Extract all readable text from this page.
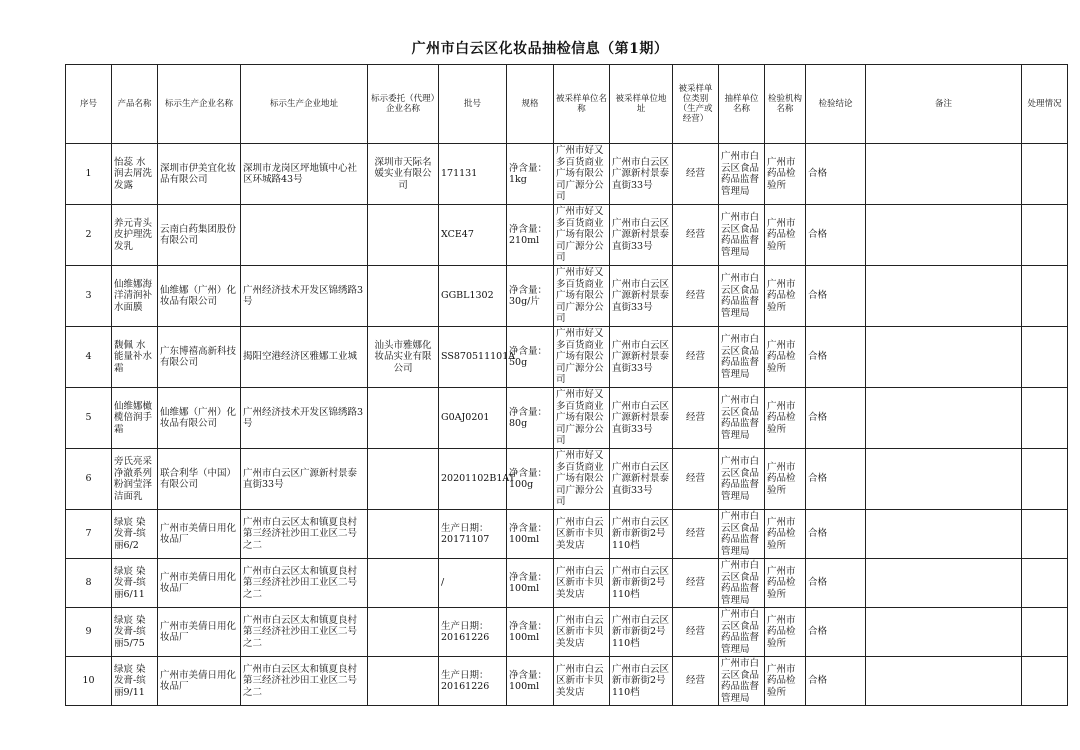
广州市白云区化妆品抽检信息（第1期）
序号	产品名称	标示生产企业名称	标示生产企业地址	标示委托（代理）企业名称	批号	规格	被采样单位名称	被采样单位地址	被采样单位类别（生产或经营）	抽样单位名称	检验机构名称	检验结论	备注	处理情况
1	怡蕊 水润去屑洗发露	深圳市伊美宜化妆品有限公司	深圳市龙岗区坪地镇中心社区环城路43号	深圳市天际名媛实业有限公司	171131	净含量：1kg	广州市好又多百货商业广场有限公司广源分公司	广州市白云区广源新村景泰直街33号	经营	广州市白云区食品药品监督管理局	广州市药品检验所	合格		
2	养元青头皮护理洗发乳	云南白药集团股份有限公司			XCE47	净含量：210ml	广州市好又多百货商业广场有限公司广源分公司	广州市白云区广源新村景泰直街33号	经营	广州市白云区食品药品监督管理局	广州市药品检验所	合格		
3	仙维娜海洋清润补水面膜	仙维娜（广州）化妆品有限公司	广州经济技术开发区锦绣路3号		GGBL1302	净含量：30g/片	广州市好又多百货商业广场有限公司广源分公司	广州市白云区广源新村景泰直街33号	经营	广州市白云区食品药品监督管理局	广州市药品检验所	合格		
4	馥佩 水能量补水霜	广东博禧高新科技有限公司	揭阳空港经济区雅娜工业城	汕头市雅娜化妆品实业有限公司	SS870511101A	净含量：50g	广州市好又多百货商业广场有限公司广源分公司	广州市白云区广源新村景泰直街33号	经营	广州市白云区食品药品监督管理局	广州市药品检验所	合格		
5	仙维娜橄榄倍润手霜	仙维娜（广州）化妆品有限公司	广州经济技术开发区锦绣路3号		G0AJ0201	净含量：80g	广州市好又多百货商业广场有限公司广源分公司	广州市白云区广源新村景泰直街33号	经营	广州市白云区食品药品监督管理局	广州市药品检验所	合格		
6	旁氏亮采净澈系列粉润莹泽洁面乳	联合利华（中国）有限公司	广州市白云区广源新村景泰直街33号		20201102B1AT	净含量：100g	广州市好又多百货商业广场有限公司广源分公司	广州市白云区广源新村景泰直街33号	经营	广州市白云区食品药品监督管理局	广州市药品检验所	合格		
7	绿宸 染发膏-缤丽6/2	广州市美倩日用化妆品厂	广州市白云区太和镇夏良村第三经济社沙田工业区二号之二		生产日期：20171107	净含量：100ml	广州市白云区新市卡贝美发店	广州市白云区新市新街2号110档	经营	广州市白云区食品药品监督管理局	广州市药品检验所	合格		
8	绿宸 染发膏-缤丽6/11	广州市美倩日用化妆品厂	广州市白云区太和镇夏良村第三经济社沙田工业区二号之二		/	净含量：100ml	广州市白云区新市卡贝美发店	广州市白云区新市新街2号110档	经营	广州市白云区食品药品监督管理局	广州市药品检验所	合格		
9	绿宸 染发膏-缤丽5/75	广州市美倩日用化妆品厂	广州市白云区太和镇夏良村第三经济社沙田工业区二号之二		生产日期：20161226	净含量：100ml	广州市白云区新市卡贝美发店	广州市白云区新市新街2号110档	经营	广州市白云区食品药品监督管理局	广州市药品检验所	合格		
10	绿宸 染发膏-缤丽9/11	广州市美倩日用化妆品厂	广州市白云区太和镇夏良村第三经济社沙田工业区二号之二		生产日期：20161226	净含量：100ml	广州市白云区新市卡贝美发店	广州市白云区新市新街2号110档	经营	广州市白云区食品药品监督管理局	广州市药品检验所	合格		
